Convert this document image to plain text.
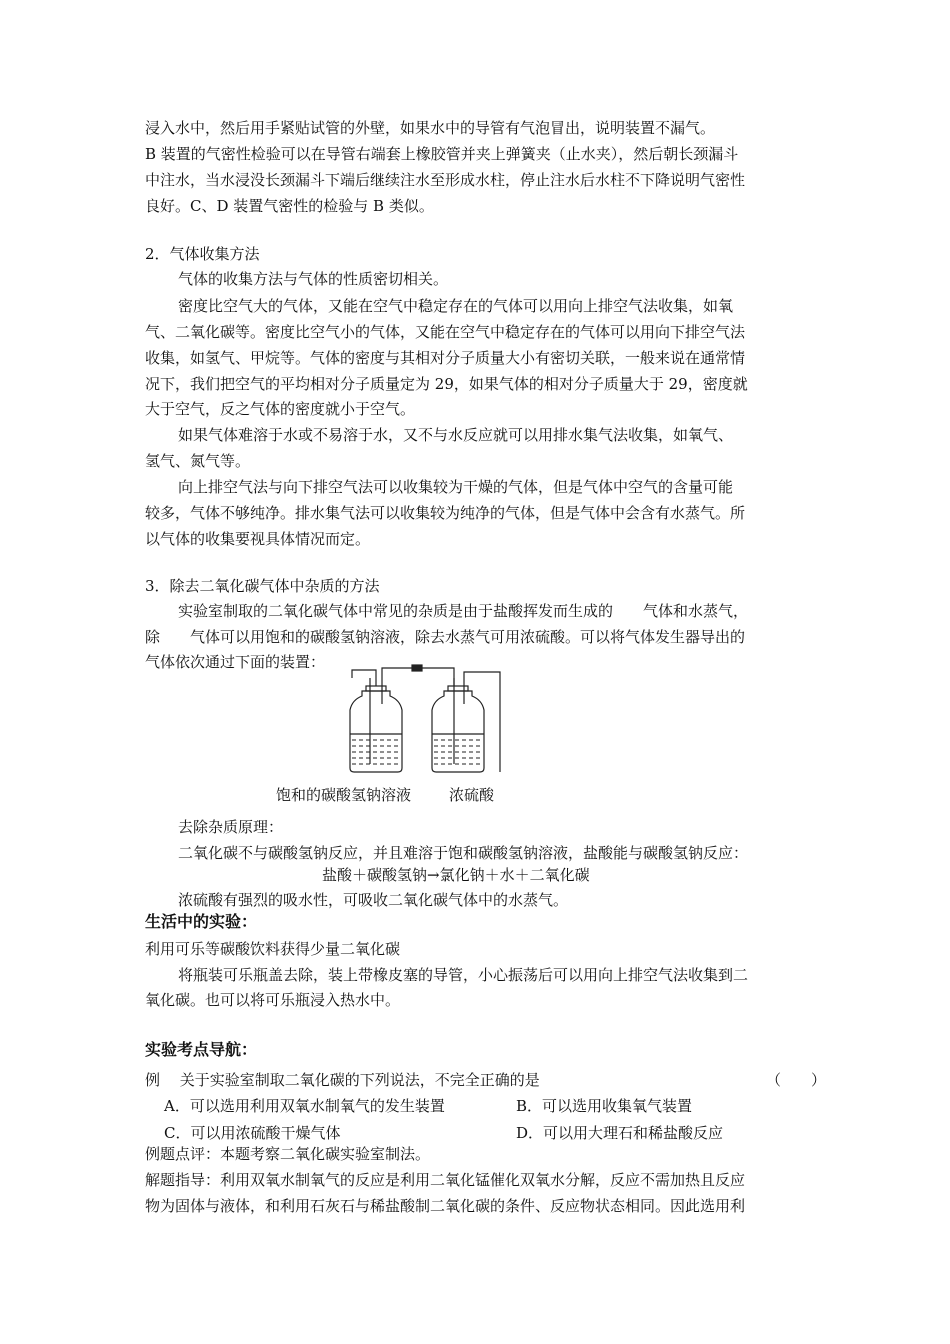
浸入水中，然后用手紧贴试管的外壁，如果水中的导管有气泡冒出，说明装置不漏气。
B 装置的气密性检验可以在导管右端套上橡胶管并夹上弹簧夹（止水夹），然后朝长颈漏斗
中注水，当水浸没长颈漏斗下端后继续注水至形成水柱，停止注水后水柱不下降说明气密性
良好。C、D 装置气密性的检验与 B 类似。
2．气体收集方法
气体的收集方法与气体的性质密切相关。
密度比空气大的气体，又能在空气中稳定存在的气体可以用向上排空气法收集，如氧
气、二氧化碳等。密度比空气小的气体，又能在空气中稳定存在的气体可以用向下排空气法
收集，如氢气、甲烷等。气体的密度与其相对分子质量大小有密切关联，一般来说在通常情
况下，我们把空气的平均相对分子质量定为 29，如果气体的相对分子质量大于 29，密度就
大于空气，反之气体的密度就小于空气。
如果气体难溶于水或不易溶于水，又不与水反应就可以用排水集气法收集，如氧气、
氢气、氮气等。
向上排空气法与向下排空气法可以收集较为干燥的气体，但是气体中空气的含量可能
较多，气体不够纯净。排水集气法可以收集较为纯净的气体，但是气体中会含有水蒸气。所
以气体的收集要视具体情况而定。
3．除去二氧化碳气体中杂质的方法
实验室制取的二氧化碳气体中常见的杂质是由于盐酸挥发而生成的　　气体和水蒸气，
除　　气体可以用饱和的碳酸氢钠溶液，除去水蒸气可用浓硫酸。可以将气体发生器导出的
气体依次通过下面的装置：
饱和的碳酸氢钠溶液	浓硫酸
去除杂质原理：
二氧化碳不与碳酸氢钠反应，并且难溶于饱和碳酸氢钠溶液，盐酸能与碳酸氢钠反应：
盐酸＋碳酸氢钠→氯化钠＋水＋二氧化碳
浓硫酸有强烈的吸水性，可吸收二氧化碳气体中的水蒸气。
生活中的实验：
利用可乐等碳酸饮料获得少量二氧化碳
将瓶装可乐瓶盖去除，装上带橡皮塞的导管，小心振荡后可以用向上排空气法收集到二
氧化碳。也可以将可乐瓶浸入热水中。
实验考点导航：
例　 关于实验室制取二氧化碳的下列说法，不完全正确的是	（　　）
A．可以选用利用双氧水制氧气的发生装置	B．可以选用收集氧气装置
C．可以用浓硫酸干燥气体	D．可以用大理石和稀盐酸反应
例题点评：本题考察二氧化碳实验室制法。
解题指导：利用双氧水制氧气的反应是利用二氧化锰催化双氧水分解，反应不需加热且反应
物为固体与液体，和利用石灰石与稀盐酸制二氧化碳的条件、反应物状态相同。因此选用利
